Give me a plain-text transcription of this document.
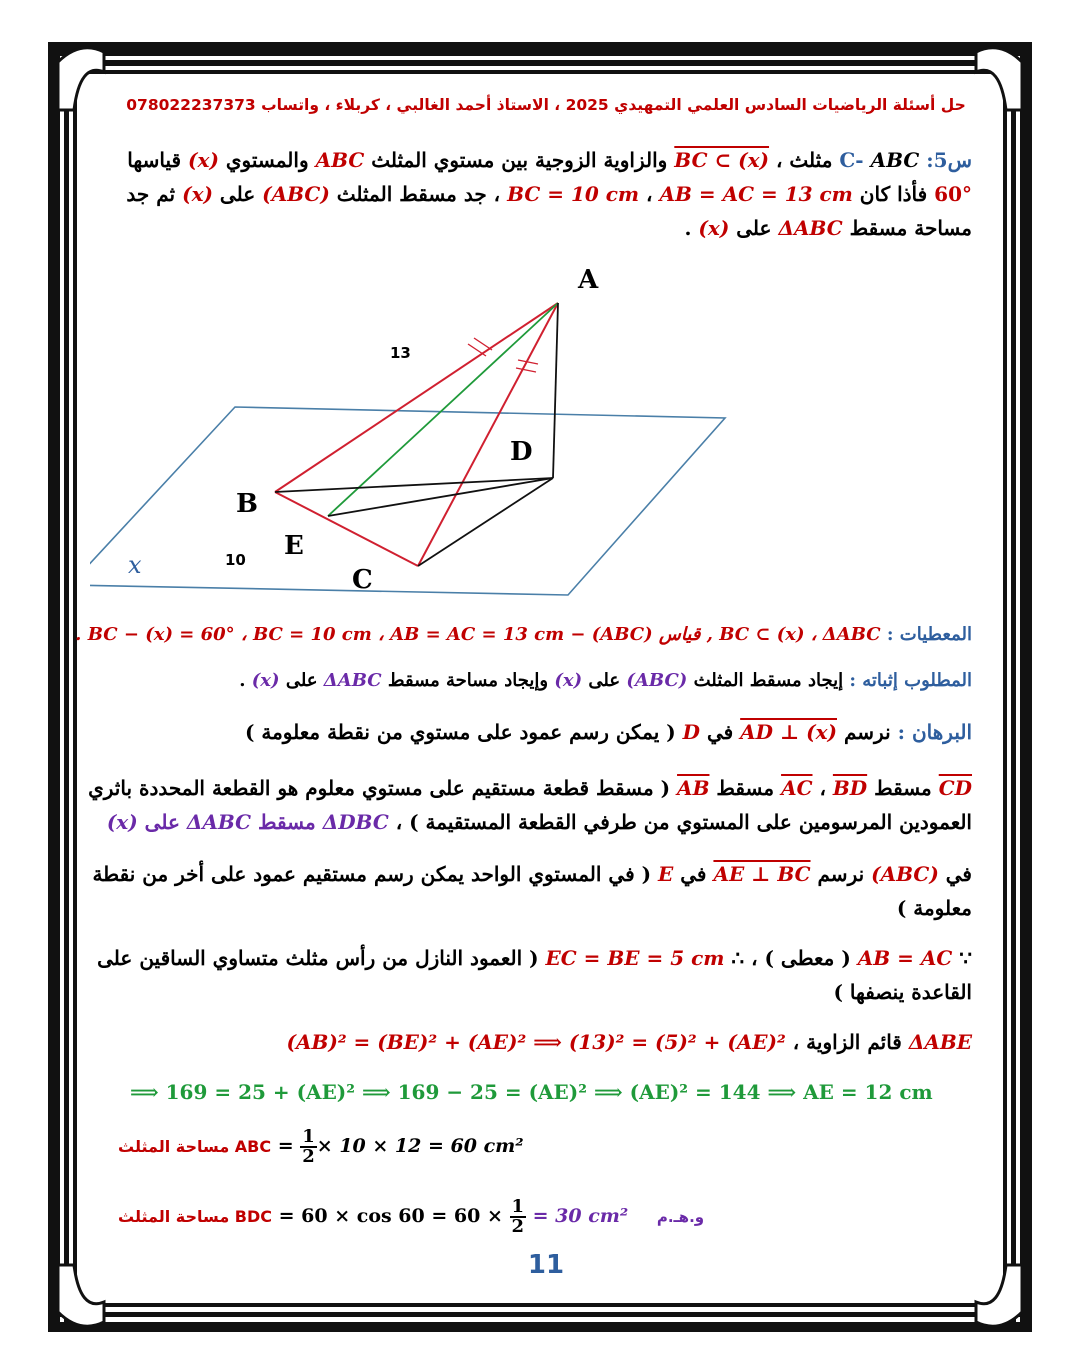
حل أسئلة الرياضيات السادس العلمي التمهيدي 2025 ، الاستاذ أحمد الغالبي ، كربلاء ، واتساب 078022237373
س5: C- ABC مثلث ، BC ⊂ (x) والزاوية الزوجية بين مستوي المثلث ABC والمستوي (x) قياسها
60° فأذا كان BC = 10 cm ، AB = AC = 13 cm ، جد مسقط المثلث (ABC) على (x) ثم جد
مساحة مسقط ΔABC على (x) .
A
B
C
D
E
x
13
10
المعطيات : BC ⊂ (x) ، ΔABC , قياس (ABC) − BC − (x) = 60° ، BC = 10 cm ، AB = AC = 13 cm .
المطلوب إثباته : إيجاد مسقط المثلث (ABC) على (x) وإيجاد مساحة مسقط ΔABC على (x) .
البرهان : نرسم AD ⊥ (x) في D ( يمكن رسم عمود على مستوي من نقطة معلومة )
CD مسقط AC ، BD مسقط AB ( مسقط قطعة مستقيم على مستوي معلوم هو القطعة المحددة باثري
العمودين المرسومين على المستوي من طرفي القطعة المستقيمة ) ، ΔDBC مسقط ΔABC على (x)
في (ABC) نرسم AE ⊥ BC في E ( في المستوي الواحد يمكن رسم مستقيم عمود على أخر من نقطة
معلومة )
∵ AB = AC ( معطى ) ، ∴ EC = BE = 5 cm ( العمود النازل من رأس مثلث متساوي الساقين على
القاعدة ينصفها )
ΔABE قائم الزاوية ، (AB)² = (BE)² + (AE)² ⟹ (13)² = (5)² + (AE)²
⟹ 169 = 25 + (AE)² ⟹ 169 − 25 = (AE)² ⟹ (AE)² = 144 ⟹ AE = 12 cm
مساحة المثلث ABC = $\frac{1}{2} \times 10 \times 12 = 60$ cm²
مساحة المثلث BDC = $60 \times \cos 60 = 60 \times \frac{1}{2} = 30$ cm² و.هـ.م
11
